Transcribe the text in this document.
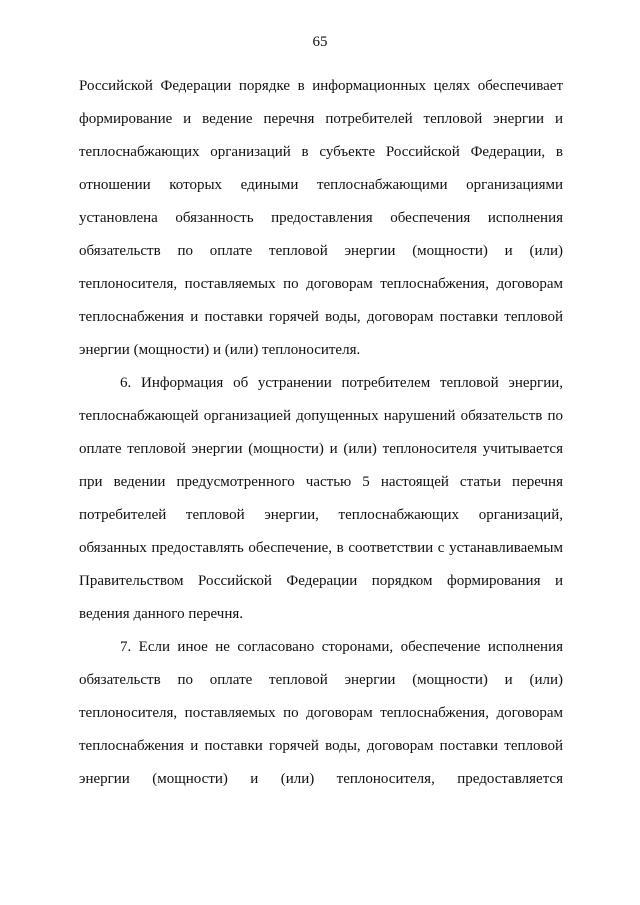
65
Российской Федерации порядке в информационных целях обеспечивает
формирование и ведение перечня потребителей тепловой энергии и
теплоснабжающих организаций в субъекте Российской Федерации, в
отношении которых едиными теплоснабжающими организациями
установлена обязанность предоставления обеспечения исполнения
обязательств по оплате тепловой энергии (мощности) и (или)
теплоносителя, поставляемых по договорам теплоснабжения, договорам
теплоснабжения и поставки горячей воды, договорам поставки тепловой
энергии (мощности) и (или) теплоносителя.
6. Информация об устранении потребителем тепловой энергии,
теплоснабжающей организацией допущенных нарушений обязательств по
оплате тепловой энергии (мощности) и (или) теплоносителя учитывается
при ведении предусмотренного частью 5 настоящей статьи перечня
потребителей тепловой энергии, теплоснабжающих организаций,
обязанных предоставлять обеспечение, в соответствии с устанавливаемым
Правительством Российской Федерации порядком формирования и
ведения данного перечня.
7. Если иное не согласовано сторонами, обеспечение исполнения
обязательств по оплате тепловой энергии (мощности) и (или)
теплоносителя, поставляемых по договорам теплоснабжения, договорам
теплоснабжения и поставки горячей воды, договорам поставки тепловой
энергии (мощности) и (или) теплоносителя, предоставляется
